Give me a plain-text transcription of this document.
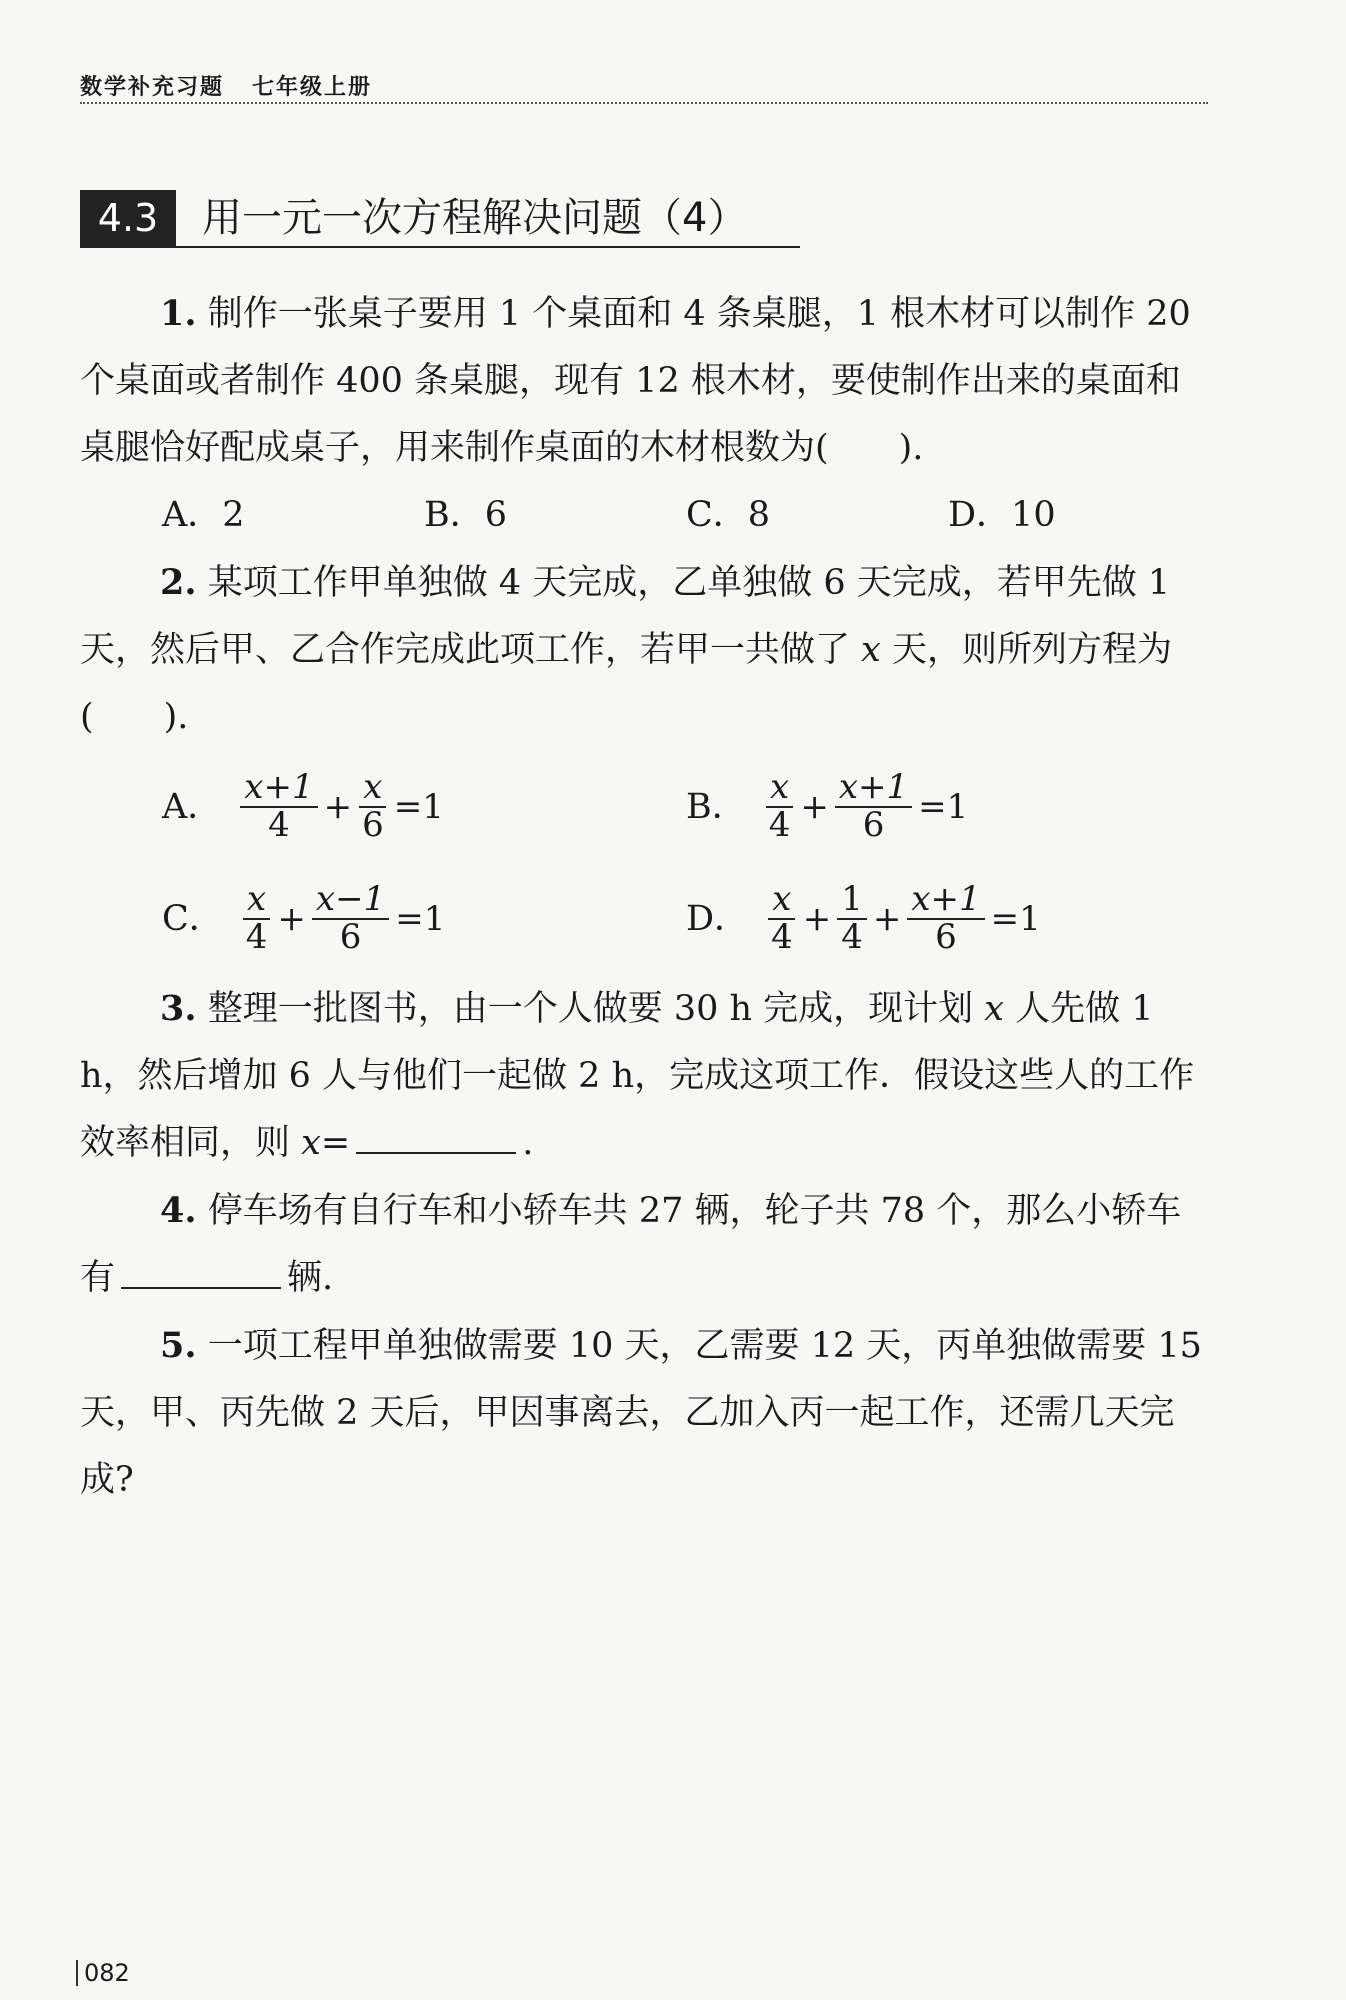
数学补充习题 七年级上册
4.3	用一元一次方程解决问题（4）

1. 制作一张桌子要用 1 个桌面和 4 条桌腿，1 根木材可以制作 20 个桌面或者制作 400 条桌腿，现有 12 根木材，要使制作出来的桌面和桌腿恰好配成桌子，用来制作桌面的木材根数为(　　).

A．2	B．6	C．8	D．10

2. 某项工作甲单独做 4 天完成，乙单独做 6 天完成，若甲先做 1 天，然后甲、乙合作完成此项工作，若甲一共做了 x 天，则所列方程为(　　).

A． $\frac{x+1}{4} + \frac{x}{6} =1$	B． $\frac{x}{4} + \frac{x+1}{6} =1$
C． $\frac{x}{4} + \frac{x-1}{6} =1$	D． $\frac{x}{4} + \frac{1}{4} + \frac{x+1}{6} =1$

3. 整理一批图书，由一个人做要 30 h 完成，现计划 x 人先做 1 h，然后增加 6 人与他们一起做 2 h，完成这项工作．假设这些人的工作效率相同，则 x=	.

4. 停车场有自行车和小轿车共 27 辆，轮子共 78 个，那么小轿车有	辆.

5. 一项工程甲单独做需要 10 天，乙需要 12 天，丙单独做需要 15 天，甲、丙先做 2 天后，甲因事离去，乙加入丙一起工作，还需几天完成?

082
